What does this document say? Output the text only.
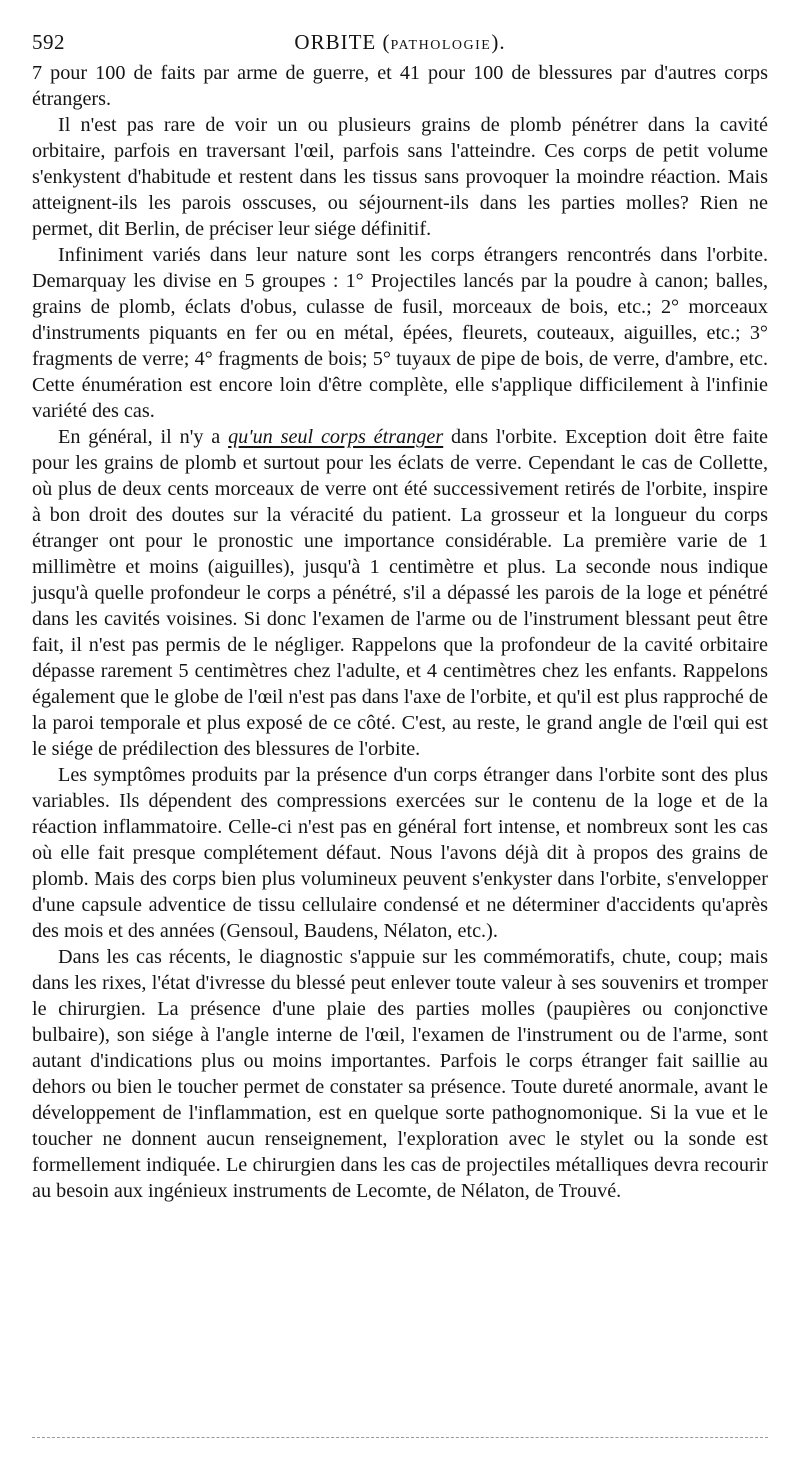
592	ORBITE (PATHOLOGIE).

7 pour 100 de faits par arme de guerre, et 41 pour 100 de blessures par d'autres corps étrangers.

Il n'est pas rare de voir un ou plusieurs grains de plomb pénétrer dans la cavité orbitaire, parfois en traversant l'œil, parfois sans l'atteindre. Ces corps de petit volume s'enkystent d'habitude et restent dans les tissus sans provoquer la moindre réaction. Mais atteignent-ils les parois osscuses, ou séjournent-ils dans les parties molles? Rien ne permet, dit Berlin, de préciser leur siége définitif.

Infiniment variés dans leur nature sont les corps étrangers rencontrés dans l'orbite. Demarquay les divise en 5 groupes : 1° Projectiles lancés par la poudre à canon; balles, grains de plomb, éclats d'obus, culasse de fusil, morceaux de bois, etc.; 2° morceaux d'instruments piquants en fer ou en métal, épées, fleurets, couteaux, aiguilles, etc.; 3° fragments de verre; 4° fragments de bois; 5° tuyaux de pipe de bois, de verre, d'ambre, etc. Cette énumération est encore loin d'être complète, elle s'applique difficilement à l'infinie variété des cas.

En général, il n'y a qu'un seul corps étranger dans l'orbite. Exception doit être faite pour les grains de plomb et surtout pour les éclats de verre. Cependant le cas de Collette, où plus de deux cents morceaux de verre ont été successivement retirés de l'orbite, inspire à bon droit des doutes sur la véracité du patient. La grosseur et la longueur du corps étranger ont pour le pronostic une importance considérable. La première varie de 1 millimètre et moins (aiguilles), jusqu'à 1 centimètre et plus. La seconde nous indique jusqu'à quelle profondeur le corps a pénétré, s'il a dépassé les parois de la loge et pénétré dans les cavités voisines. Si donc l'examen de l'arme ou de l'instrument blessant peut être fait, il n'est pas permis de le négliger. Rappelons que la profondeur de la cavité orbitaire dépasse rarement 5 centimètres chez l'adulte, et 4 centimètres chez les enfants. Rappelons également que le globe de l'œil n'est pas dans l'axe de l'orbite, et qu'il est plus rapproché de la paroi temporale et plus exposé de ce côté. C'est, au reste, le grand angle de l'œil qui est le siége de prédilection des blessures de l'orbite.

Les symptômes produits par la présence d'un corps étranger dans l'orbite sont des plus variables. Ils dépendent des compressions exercées sur le contenu de la loge et de la réaction inflammatoire. Celle-ci n'est pas en général fort intense, et nombreux sont les cas où elle fait presque complétement défaut. Nous l'avons déjà dit à propos des grains de plomb. Mais des corps bien plus volumineux peuvent s'enkyster dans l'orbite, s'envelopper d'une capsule adventice de tissu cellulaire condensé et ne déterminer d'accidents qu'après des mois et des années (Gensoul, Baudens, Nélaton, etc.).

Dans les cas récents, le diagnostic s'appuie sur les commémoratifs, chute, coup; mais dans les rixes, l'état d'ivresse du blessé peut enlever toute valeur à ses souvenirs et tromper le chirurgien. La présence d'une plaie des parties molles (paupières ou conjonctive bulbaire), son siége à l'angle interne de l'œil, l'examen de l'instrument ou de l'arme, sont autant d'indications plus ou moins importantes. Parfois le corps étranger fait saillie au dehors ou bien le toucher permet de constater sa présence. Toute dureté anormale, avant le développement de l'inflammation, est en quelque sorte pathognomonique. Si la vue et le toucher ne donnent aucun renseignement, l'exploration avec le stylet ou la sonde est formellement indiquée. Le chirurgien dans les cas de projectiles métalliques devra recourir au besoin aux ingénieux instruments de Lecomte, de Nélaton, de Trouvé.
